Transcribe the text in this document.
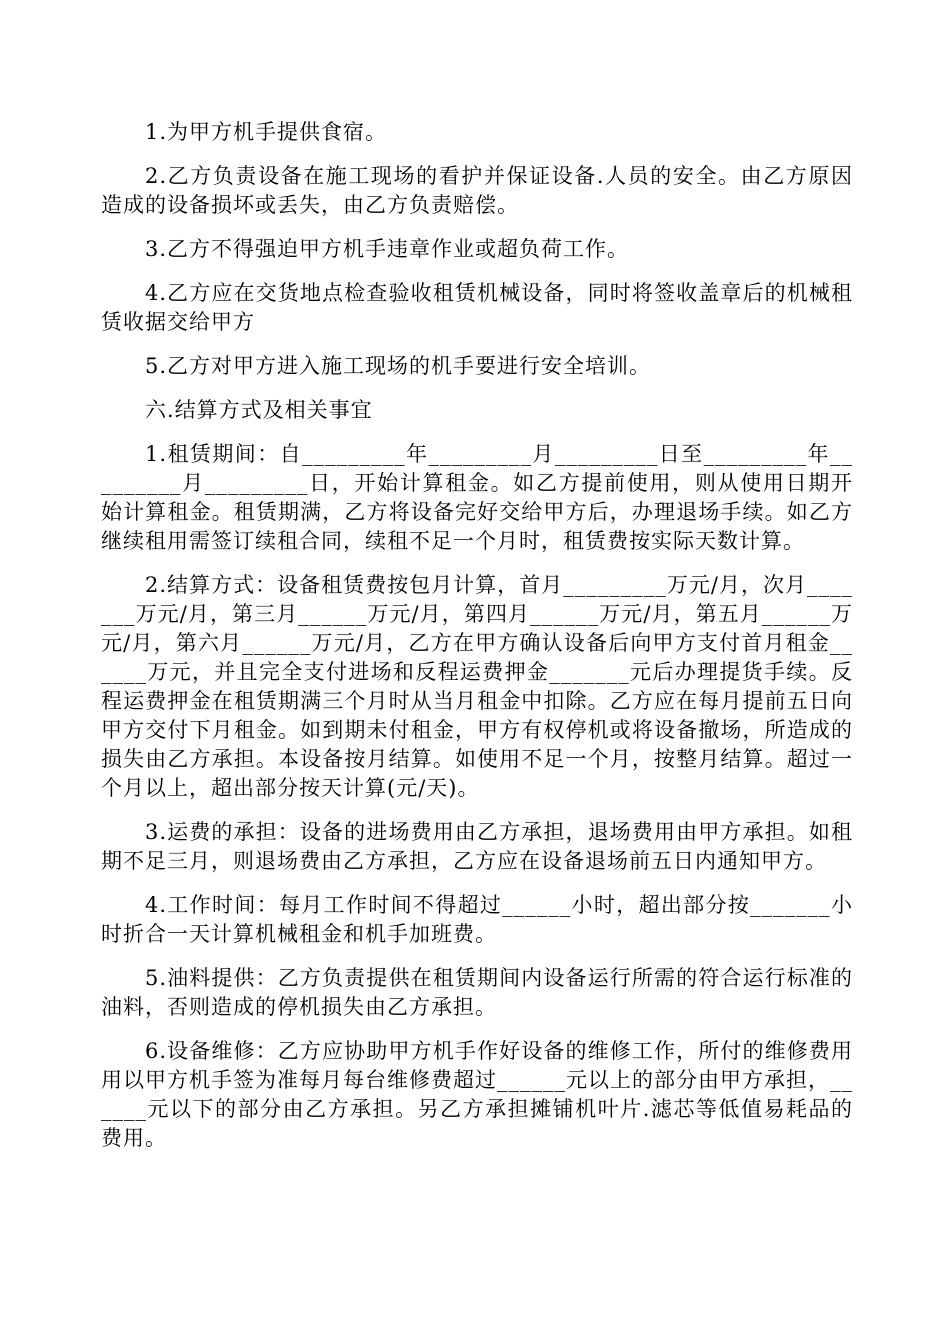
1.为甲方机手提供食宿。

2.乙方负责设备在施工现场的看护并保证设备.人员的安全。由乙方原因造成的设备损坏或丢失，由乙方负责赔偿。

3.乙方不得强迫甲方机手违章作业或超负荷工作。

4.乙方应在交货地点检查验收租赁机械设备，同时将签收盖章后的机械租赁收据交给甲方

5.乙方对甲方进入施工现场的机手要进行安全培训。

六.结算方式及相关事宜

1.租赁期间：自_________年_________月_________日至_________年_________月_________日，开始计算租金。如乙方提前使用，则从使用日期开始计算租金。租赁期满，乙方将设备完好交给甲方后，办理退场手续。如乙方继续租用需签订续租合同，续租不足一个月时，租赁费按实际天数计算。

2.结算方式：设备租赁费按包月计算，首月_________万元/月，次月_______万元/月，第三月______万元/月，第四月______万元/月，第五月______万元/月，第六月______万元/月，乙方在甲方确认设备后向甲方支付首月租金______万元，并且完全支付进场和反程运费押金_______元后办理提货手续。反程运费押金在租赁期满三个月时从当月租金中扣除。乙方应在每月提前五日向甲方交付下月租金。如到期未付租金，甲方有权停机或将设备撤场，所造成的损失由乙方承担。本设备按月结算。如使用不足一个月，按整月结算。超过一个月以上，超出部分按天计算(元/天)。

3.运费的承担：设备的进场费用由乙方承担，退场费用由甲方承担。如租期不足三月，则退场费由乙方承担，乙方应在设备退场前五日内通知甲方。

4.工作时间：每月工作时间不得超过______小时，超出部分按_______小时折合一天计算机械租金和机手加班费。

5.油料提供：乙方负责提供在租赁期间内设备运行所需的符合运行标准的油料，否则造成的停机损失由乙方承担。

6.设备维修：乙方应协助甲方机手作好设备的维修工作，所付的维修费用用以甲方机手签为准每月每台维修费超过______元以上的部分由甲方承担，______元以下的部分由乙方承担。另乙方承担摊铺机叶片.滤芯等低值易耗品的费用。
